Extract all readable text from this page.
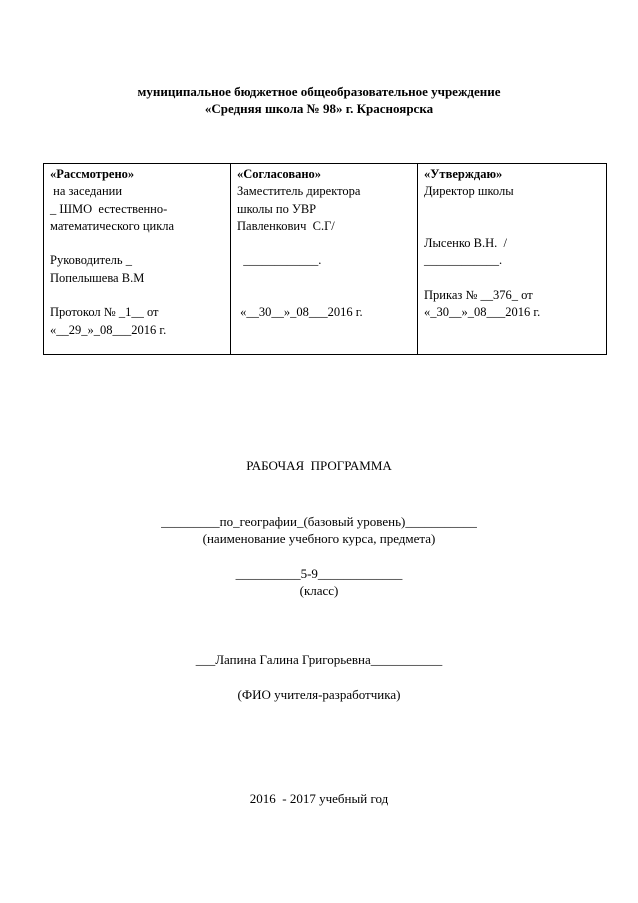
муниципальное бюджетное общеобразовательное учреждение
«Средняя школа № 98» г. Красноярска
«Рассмотрено»
на заседании
_ ШМО  естественно-
математического цикла
Руководитель _
Попелышева В.М
Протокол № _1__ от
«__29_»_08___2016 г.

«Согласовано»
Заместитель директора
школы по УВР
Павленкович  С.Г/
____________.
«__30__»_08___2016 г.

«Утверждаю»
Директор школы
Лысенко В.Н.  /
____________.
Приказ № __376_ от
«_30__»_08___2016 г.
РАБОЧАЯ  ПРОГРАММА
_________по_географии_(базовый уровень)___________
(наименование учебного курса, предмета)
__________5-9_____________
(класс)
___Лапина Галина Григорьевна___________
(ФИО учителя-разработчика)
2016  - 2017 учебный год
